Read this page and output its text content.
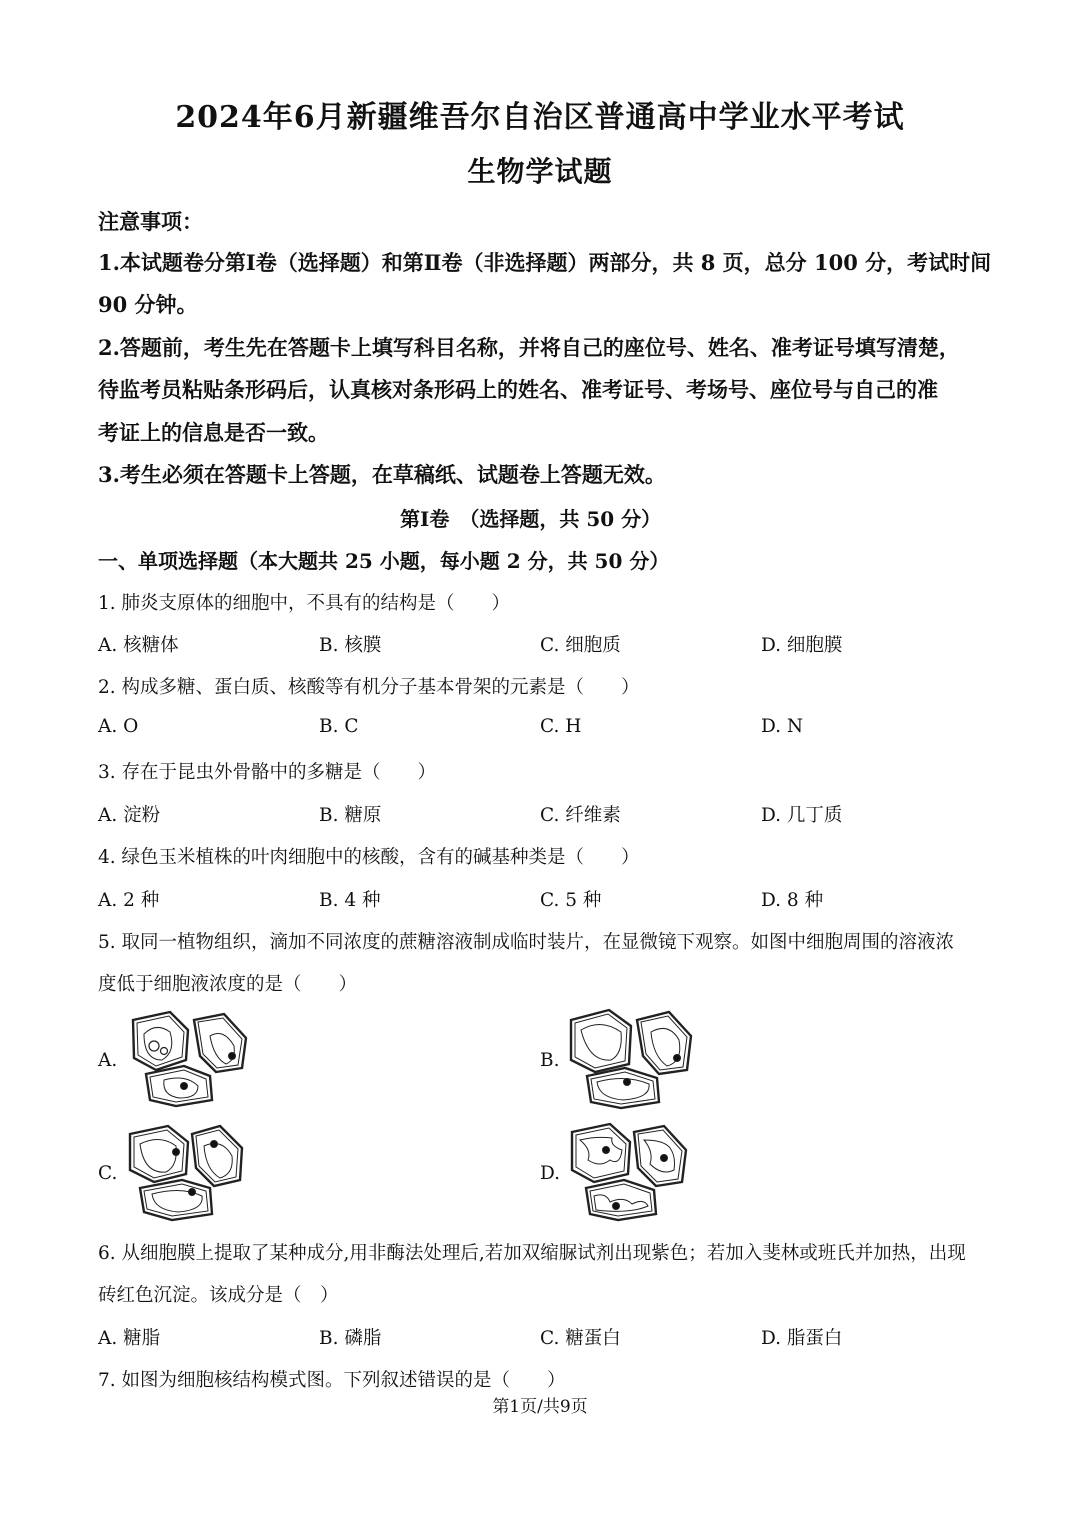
2024年6月新疆维吾尔自治区普通高中学业水平考试
生物学试题
注意事项：
1.本试题卷分第Ⅰ卷（选择题）和第Ⅱ卷（非选择题）两部分，共 8 页，总分 100 分，考试时间
90 分钟。
2.答题前，考生先在答题卡上填写科目名称，并将自己的座位号、姓名、准考证号填写清楚，
待监考员粘贴条形码后，认真核对条形码上的姓名、准考证号、考场号、座位号与自己的准
考证上的信息是否一致。
3.考生必须在答题卡上答题，在草稿纸、试题卷上答题无效。
第Ⅰ卷　（选择题，共 50 分）
一、单项选择题（本大题共 25 小题，每小题 2 分，共 50 分）
1. 肺炎支原体的细胞中，不具有的结构是（　　）
A. 核糖体	B. 核膜	C. 细胞质	D. 细胞膜
2. 构成多糖、蛋白质、核酸等有机分子基本骨架的元素是（　　）
A. O	B. C	C. H	D. N
3. 存在于昆虫外骨骼中的多糖是（　　）
A. 淀粉	B. 糖原	C. 纤维素	D. 几丁质
4. 绿色玉米植株的叶肉细胞中的核酸，含有的碱基种类是（　　）
A. 2 种	B. 4 种	C. 5 种	D. 8 种
5. 取同一植物组织，滴加不同浓度的蔗糖溶液制成临时装片，在显微镜下观察。如图中细胞周围的溶液浓
度低于细胞液浓度的是（　　）
A.	B.
C.	D.
6. 从细胞膜上提取了某种成分,用非酶法处理后,若加双缩脲试剂出现紫色；若加入斐林或班氏并加热，出现
砖红色沉淀。该成分是（　）
A. 糖脂	B. 磷脂	C. 糖蛋白	D. 脂蛋白
7. 如图为细胞核结构模式图。下列叙述错误的是（　　）
第1页/共9页
